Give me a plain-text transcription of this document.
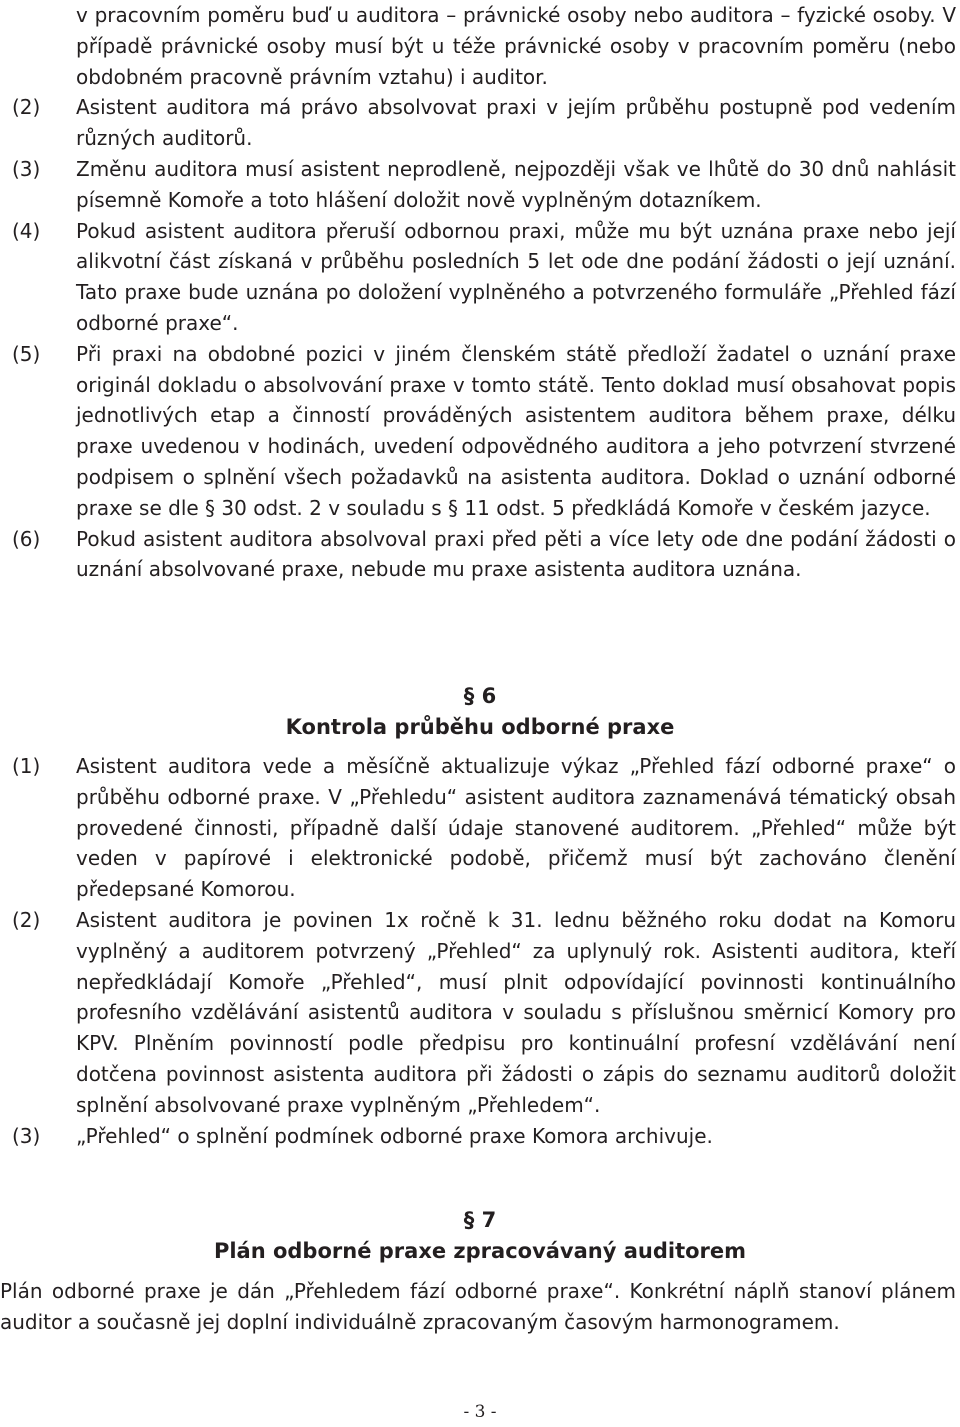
v pracovním poměru buď u auditora – právnické osoby nebo auditora – fyzické osoby. V případě právnické osoby musí být u téže právnické osoby v pracovním poměru (nebo obdobném pracovně právním vztahu) i auditor.

(2) Asistent auditora má právo absolvovat praxi v jejím průběhu postupně pod vedením různých auditorů.

(3) Změnu auditora musí asistent neprodleně, nejpozději však ve lhůtě do 30 dnů nahlásit písemně Komoře a toto hlášení doložit nově vyplněným dotazníkem.

(4) Pokud asistent auditora přeruší odbornou praxi, může mu být uznána praxe nebo její alikvotní část získaná v průběhu posledních 5 let ode dne podání žádosti o její uznání. Tato praxe bude uznána po doložení vyplněného a potvrzeného formuláře „Přehled fází odborné praxe“.

(5) Při praxi na obdobné pozici v jiném členském státě předloží žadatel o uznání praxe originál dokladu o absolvování praxe v tomto státě. Tento doklad musí obsahovat popis jednotlivých etap a činností prováděných asistentem auditora během praxe, délku praxe uvedenou v hodinách, uvedení odpovědného auditora a jeho potvrzení stvrzené podpisem o splnění všech požadavků na asistenta auditora. Doklad o uznání odborné praxe se dle § 30 odst. 2 v souladu s § 11 odst. 5 předkládá Komoře v českém jazyce.

(6) Pokud asistent auditora absolvoval praxi před pěti a více lety ode dne podání žádosti o uznání absolvované praxe, nebude mu praxe asistenta auditora uznána.

§ 6

Kontrola průběhu odborné praxe

(1) Asistent auditora vede a měsíčně aktualizuje výkaz „Přehled fází odborné praxe“ o průběhu odborné praxe. V „Přehledu“ asistent auditora zaznamenává tématický obsah provedené činnosti, případně další údaje stanovené auditorem. „Přehled“ může být veden v papírové i elektronické podobě, přičemž musí být zachováno členění předepsané Komorou.

(2) Asistent auditora je povinen 1x ročně k 31. lednu běžného roku dodat na Komoru vyplněný a auditorem potvrzený „Přehled“ za uplynulý rok. Asistenti auditora, kteří nepředkládají Komoře „Přehled“, musí plnit odpovídající povinnosti kontinuálního profesního vzdělávání asistentů auditora v souladu s příslušnou směrnicí Komory pro KPV. Plněním povinností podle předpisu pro kontinuální profesní vzdělávání není dotčena povinnost asistenta auditora při žádosti o zápis do seznamu auditorů doložit splnění absolvované praxe vyplněným „Přehledem“.

(3) „Přehled“ o splnění podmínek odborné praxe Komora archivuje.

§ 7

Plán odborné praxe zpracovávaný auditorem

Plán odborné praxe je dán „Přehledem fází odborné praxe“. Konkrétní náplň stanoví plánem auditor a současně jej doplní individuálně zpracovaným časovým harmonogramem.

- 3 -
